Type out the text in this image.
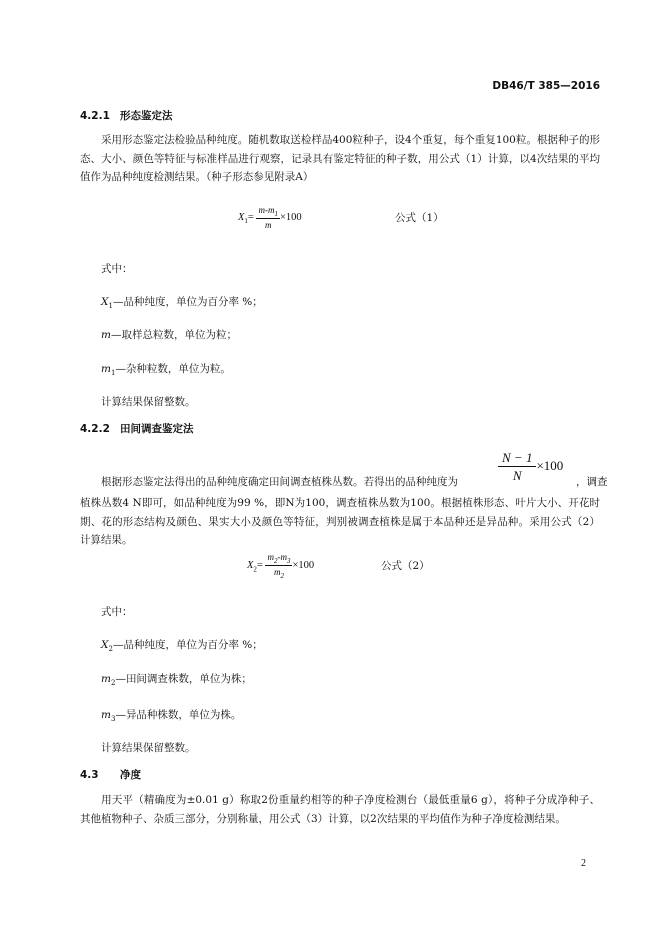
DB46/T 385—2016
4.2.1 形态鉴定法
采用形态鉴定法检验品种纯度。随机数取送检样品400粒种子，设4个重复，每个重复100粒。根据种子的形态、大小、颜色等特征与标准样品进行观察，记录具有鉴定特征的种子数，用公式（1）计算，以4次结果的平均值作为品种纯度检测结果。（种子形态参见附录A）
$X_1= \frac{m-m_1}{m} \times 100$	公式（1）
式中：
$X_1—$品种纯度，单位为百分率 %；
m—取样总粒数，单位为粒；
$m_1—$杂种粒数，单位为粒。
计算结果保留整数。
4.2.2 田间调查鉴定法
根据形态鉴定法得出的品种纯度确定田间调查植株丛数。若得出的品种纯度为	$\frac{N - 1}{N} \times 100$
，调查
植株丛数4 N即可，如品种纯度为99 %，即N为100，调查植株丛数为100。根据植株形态、叶片大小、开花时期、花的形态结构及颜色、果实大小及颜色等特征，判别被调查植株是属于本品种还是异品种。采用公式（2）计算结果。
$X_2= \frac{m_2-m_3}{m_2} \times 100$	公式（2）
式中：
$X_2—$品种纯度，单位为百分率 %；
$m_2—$田间调查株数，单位为株；
$m_3—$异品种株数，单位为株。
计算结果保留整数。
4.3 净度
用天平（精确度为±0.01 g）称取2份重量约相等的种子净度检测台（最低重量6 g），将种子分成净种子、其他植物种子、杂质三部分，分别称量，用公式（3）计算，以2次结果的平均值作为种子净度检测结果。
2
